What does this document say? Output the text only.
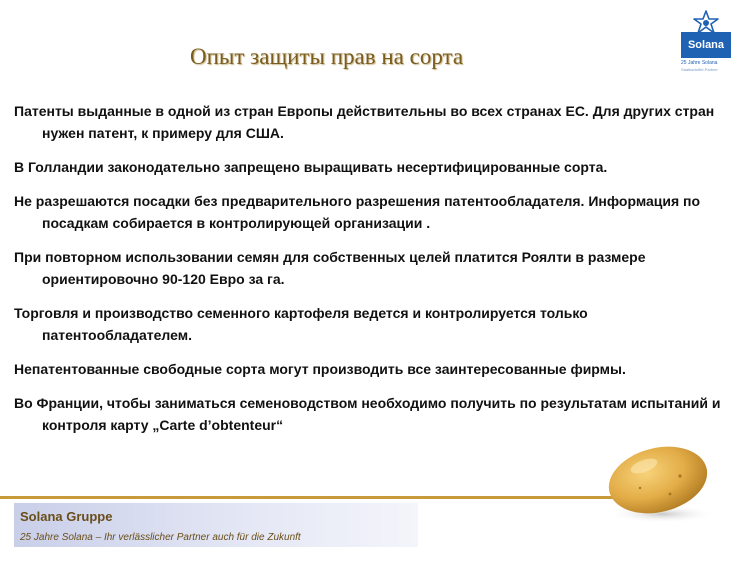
Опыт защиты прав на сорта	Solana
25 Jahre Solana
Saatkartoffel-Partner

Патенты выданные в одной из стран Европы действительны во всех странах ЕС. Для других стран нужен патент, к примеру для США.

В Голландии законодательно запрещено выращивать несертифицированные сорта.

Не разрешаются посадки без предварительного разрешения патентообладателя. Информация по посадкам собирается в контролирующей организации .

При повторном использовании семян для собственных целей платится Роялти в размере ориентировочно 90-120 Евро за га.

Торговля и производство семенного картофеля ведется и контролируется только патентообладателем.

Непатентованные свободные сорта могут производить все заинтересованные фирмы.

Во Франции, чтобы заниматься семеноводством необходимо получить по результатам испытаний и контроля карту „Carte d’obtenteur“

Solana Gruppe
25 Jahre Solana – Ihr verlässlicher Partner auch für die Zukunft
